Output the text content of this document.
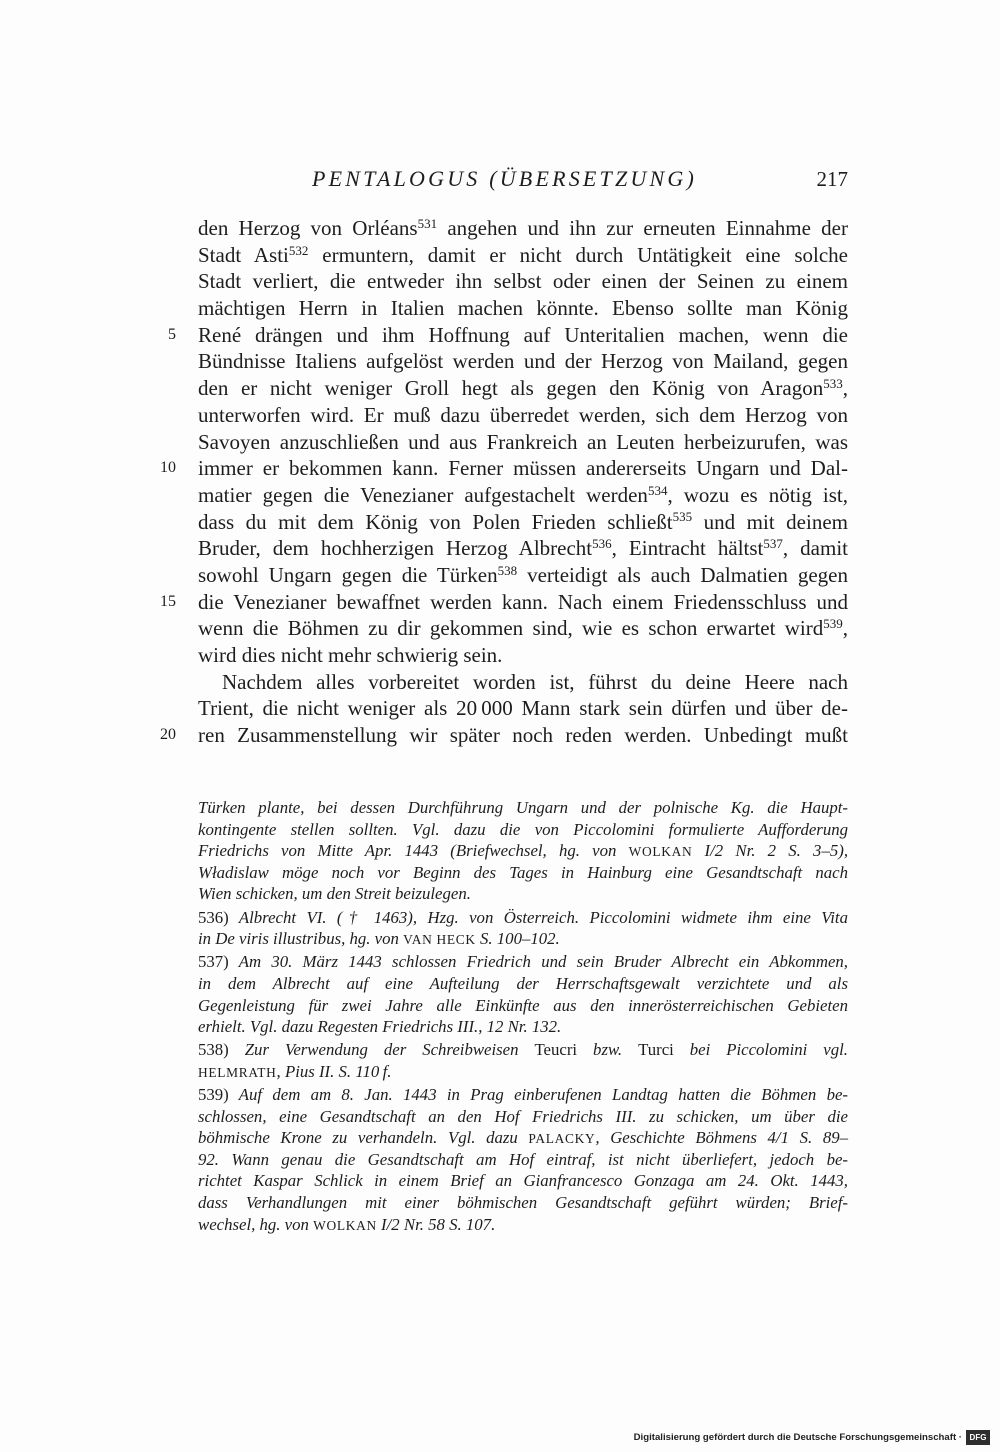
PENTALOGUS (ÜBERSETZUNG)	217
den Herzog von Orléans$^{531}$ angehen und ihn zur erneuten Einnahme der
Stadt Asti$^{532}$ ermuntern, damit er nicht durch Untätigkeit eine solche
Stadt verliert, die entweder ihn selbst oder einen der Seinen zu einem
mächtigen Herrn in Italien machen könnte. Ebenso sollte man König
5 René drängen und ihm Hoffnung auf Unteritalien machen, wenn die
Bündnisse Italiens aufgelöst werden und der Herzog von Mailand, gegen
den er nicht weniger Groll hegt als gegen den König von Aragon$^{533}$,
unterworfen wird. Er muß dazu überredet werden, sich dem Herzog von
Savoyen anzuschließen und aus Frankreich an Leuten herbeizurufen, was
10 immer er bekommen kann. Ferner müssen andererseits Ungarn und Dal-
matier gegen die Venezianer aufgestachelt werden$^{534}$, wozu es nötig ist,
dass du mit dem König von Polen Frieden schließt$^{535}$ und mit deinem
Bruder, dem hochherzigen Herzog Albrecht$^{536}$, Eintracht hältst$^{537}$, damit
sowohl Ungarn gegen die Türken$^{538}$ verteidigt als auch Dalmatien gegen
15 die Venezianer bewaffnet werden kann. Nach einem Friedensschluss und
wenn die Böhmen zu dir gekommen sind, wie es schon erwartet wird$^{539}$,
wird dies nicht mehr schwierig sein.
Nachdem alles vorbereitet worden ist, führst du deine Heere nach
Trient, die nicht weniger als 20 000 Mann stark sein dürfen und über de-
20 ren Zusammenstellung wir später noch reden werden. Unbedingt mußt
Türken plante, bei dessen Durchführung Ungarn und der polnische Kg. die Haupt-
kontingente stellen sollten. Vgl. dazu die von Piccolomini formulierte Aufforderung
Friedrichs von Mitte Apr. 1443 (Briefwechsel, hg. von WOLKAN I/2 Nr. 2 S. 3–5),
Władislaw möge noch vor Beginn des Tages in Hainburg eine Gesandtschaft nach
Wien schicken, um den Streit beizulegen.
536) Albrecht VI. († 1463), Hzg. von Österreich. Piccolomini widmete ihm eine Vita
in De viris illustribus, hg. von VAN HECK S. 100–102.
537) Am 30. März 1443 schlossen Friedrich und sein Bruder Albrecht ein Abkommen,
in dem Albrecht auf eine Aufteilung der Herrschaftsgewalt verzichtete und als
Gegenleistung für zwei Jahre alle Einkünfte aus den innerösterreichischen Gebieten
erhielt. Vgl. dazu Regesten Friedrichs III., 12 Nr. 132.
538) Zur Verwendung der Schreibweisen Teucri bzw. Turci bei Piccolomini vgl.
HELMRATH, Pius II. S. 110 f.
539) Auf dem am 8. Jan. 1443 in Prag einberufenen Landtag hatten die Böhmen be-
schlossen, eine Gesandtschaft an den Hof Friedrichs III. zu schicken, um über die
böhmische Krone zu verhandeln. Vgl. dazu PALACKY, Geschichte Böhmens 4/1 S. 89–
92. Wann genau die Gesandtschaft am Hof eintraf, ist nicht überliefert, jedoch be-
richtet Kaspar Schlick in einem Brief an Gianfrancesco Gonzaga am 24. Okt. 1443,
dass Verhandlungen mit einer böhmischen Gesandtschaft geführt würden; Brief-
wechsel, hg. von WOLKAN I/2 Nr. 58 S. 107.
Digitalisierung gefördert durch die Deutsche Forschungsgemeinschaft · DFG
